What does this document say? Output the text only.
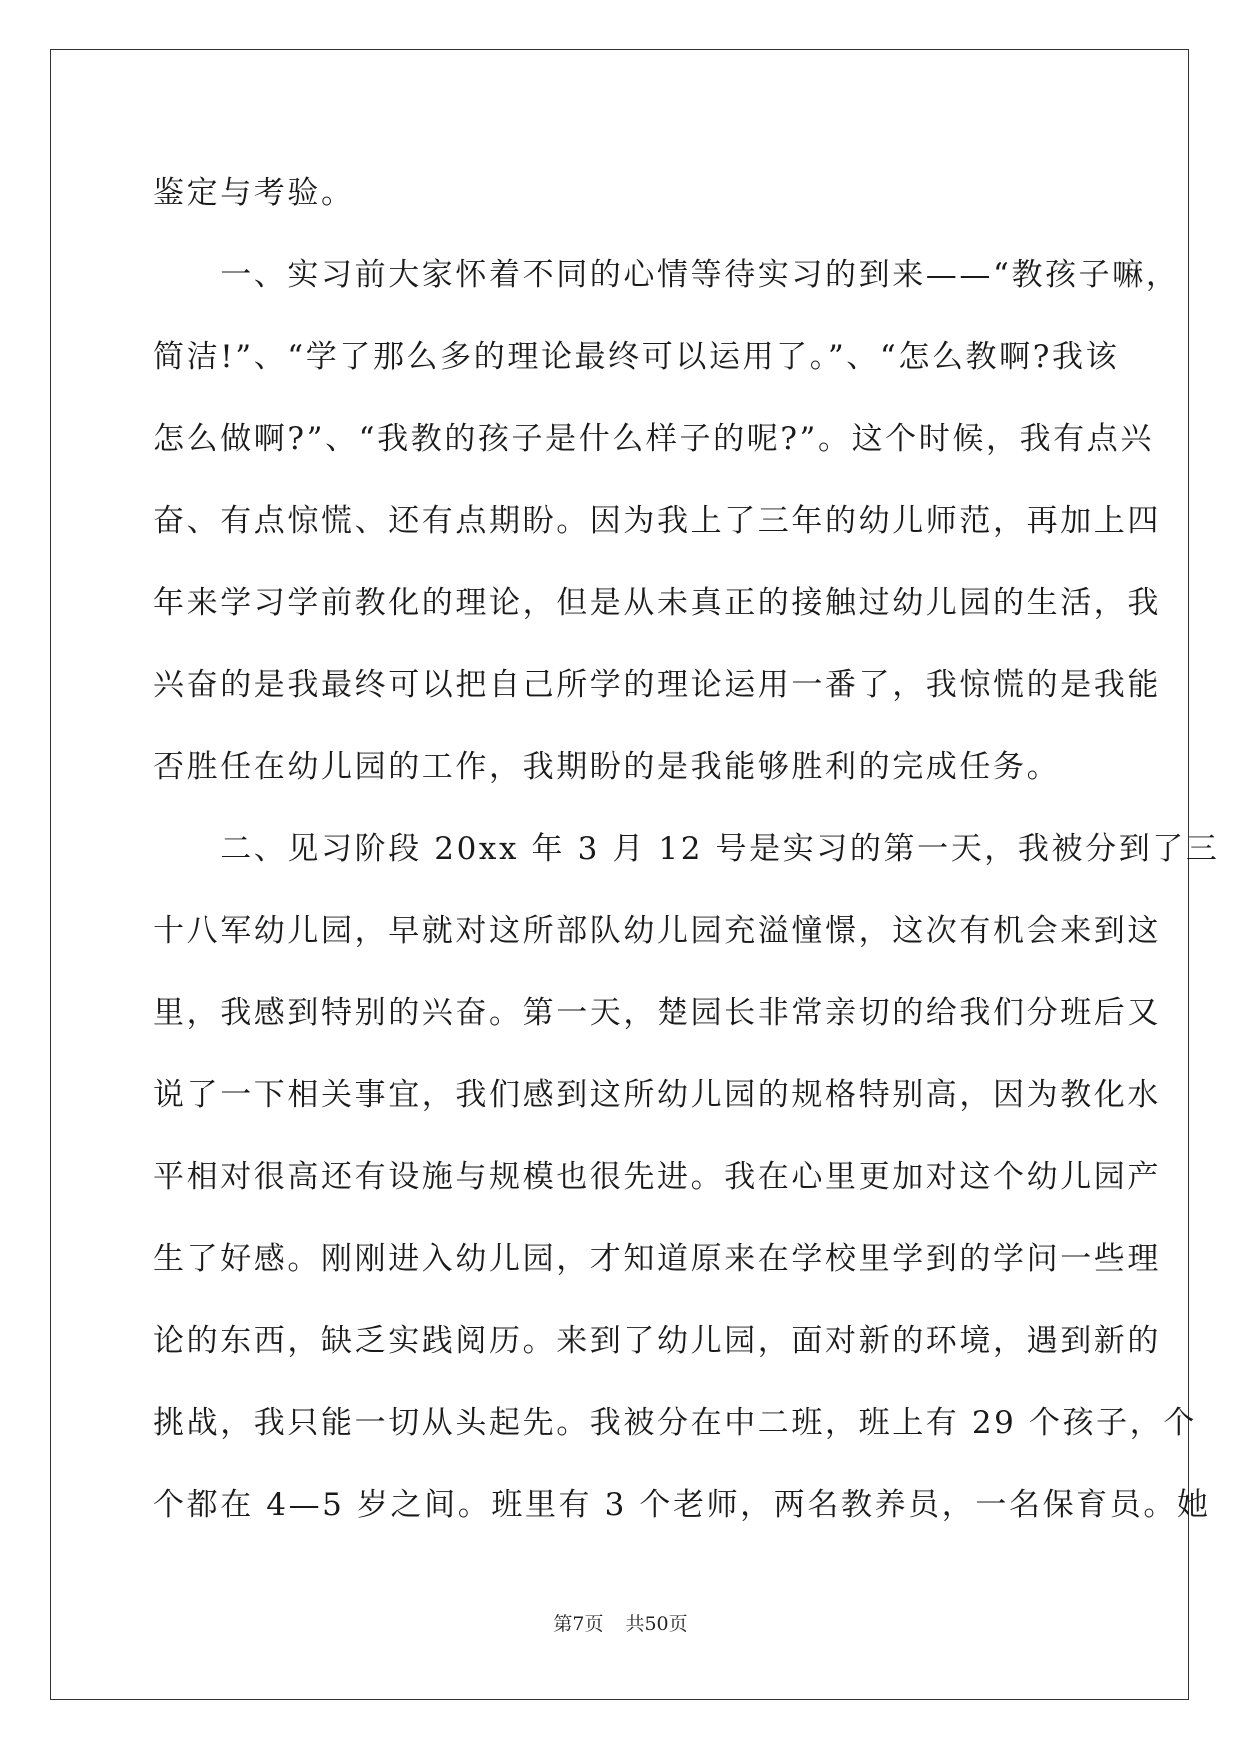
鉴定与考验。
　　一、实习前大家怀着不同的心情等待实习的到来——“教孩子嘛，
简洁!”、“学了那么多的理论最终可以运用了。”、“怎么教啊?我该
怎么做啊?”、“我教的孩子是什么样子的呢?”。这个时候，我有点兴
奋、有点惊慌、还有点期盼。因为我上了三年的幼儿师范，再加上四
年来学习学前教化的理论，但是从未真正的接触过幼儿园的生活，我
兴奋的是我最终可以把自己所学的理论运用一番了，我惊慌的是我能
否胜任在幼儿园的工作，我期盼的是我能够胜利的完成任务。
　　二、见习阶段 20xx 年 3 月 12 号是实习的第一天，我被分到了三
十八军幼儿园，早就对这所部队幼儿园充溢憧憬，这次有机会来到这
里，我感到特别的兴奋。第一天，楚园长非常亲切的给我们分班后又
说了一下相关事宜，我们感到这所幼儿园的规格特别高，因为教化水
平相对很高还有设施与规模也很先进。我在心里更加对这个幼儿园产
生了好感。刚刚进入幼儿园，才知道原来在学校里学到的学问一些理
论的东西，缺乏实践阅历。来到了幼儿园，面对新的环境，遇到新的
挑战，我只能一切从头起先。我被分在中二班，班上有 29 个孩子，个
个都在 4—5 岁之间。班里有 3 个老师，两名教养员，一名保育员。她
第7页 共50页
